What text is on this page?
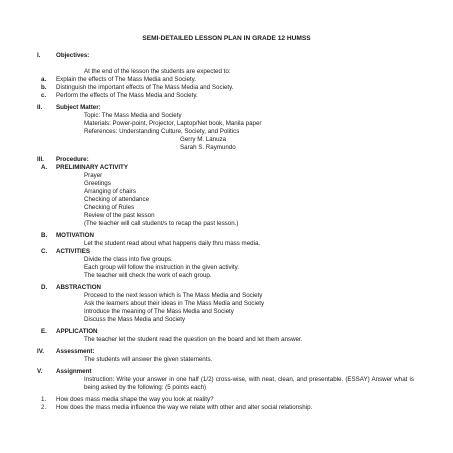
SEMI-DETAILED LESSON PLAN IN GRADE 12 HUMSS
I.	Objectives:
At the end of the lesson the students are expected to:
a. Explain the effects of The Mass Media and Society.
b. Distinguish the important effects of The Mass Media and Society.
c. Perform the effects of The Mass Media and Society.
II. Subject Matter:
Topic: The Mass Media and Society
Materials: Power-point, Projector, Laptop/Net book, Manila paper
References: Understanding Culture, Society, and Politics
Gerry M. Lanuza
Sarah S. Raymundo
III. Procedure:
A. PRELIMINARY ACTIVITY
Prayer
Greetings
Arranging of chairs
Checking of attendance
Checking of Rules
Review of the past lesson
(The teacher will call student/s to recap the past lesson.)
B. MOTIVATION
Let the student read about what happens daily thru mass media.
C. ACTIVITIES
Divide the class into five groups.
Each group will follow the instruction in the given activity.
The teacher will check the work of each group.
D. ABSTRACTION
Proceed to the next lesson which is The Mass Media and Society
Ask the learners about their ideas in The Mass Media and Society
Introduce the meaning of The Mass Media and Society
Discuss the Mass Media and Society
E. APPLICATION
The teacher let the student read the question on the board and let them answer.
IV. Assessment:
The students will answer the given statements.
V. Assignment
Instruction: Write your answer in one half (1/2) cross-wise, with neat, clean, and presentable. (ESSAY) Answer what is being asked by the following: (5 points each)
1. How does mass media shape the way you look at reality?
2. How does the mass media influence the way we relate with other and alter social relationship.
